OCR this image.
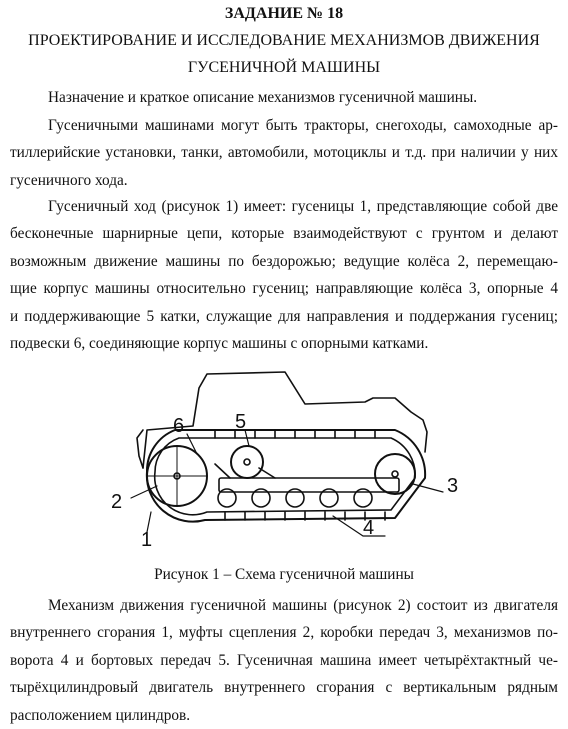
ЗАДАНИЕ № 18
ПРОЕКТИРОВАНИЕ И ИССЛЕДОВАНИЕ МЕХАНИЗМОВ ДВИЖЕНИЯ
ГУСЕНИЧНОЙ МАШИНЫ
Назначение и краткое описание механизмов гусеничной машины.
Гусеничными машинами могут быть тракторы, снегоходы, самоходные ар-
тиллерийские установки, танки, автомобили, мотоциклы и т.д. при наличии у них
гусеничного хода.
Гусеничный ход (рисунок 1) имеет: гусеницы 1, представляющие собой две
бесконечные шарнирные цепи, которые взаимодействуют с грунтом и делают
возможным движение машины по бездорожью; ведущие колёса 2, перемещаю-
щие корпус машины относительно гусениц; направляющие колёса 3, опорные 4
и поддерживающие 5 катки, служащие для направления и поддержания гусениц;
подвески 6, соединяющие корпус машины с опорными катками.
6	5
2
3
1
4
Рисунок 1 – Схема гусеничной машины
Механизм движения гусеничной машины (рисунок 2) состоит из двигателя
внутреннего сгорания 1, муфты сцепления 2, коробки передач 3, механизмов по-
ворота 4 и бортовых передач 5. Гусеничная машина имеет четырёхтактный че-
тырёхцилиндровый двигатель внутреннего сгорания с вертикальным рядным
расположением цилиндров.
